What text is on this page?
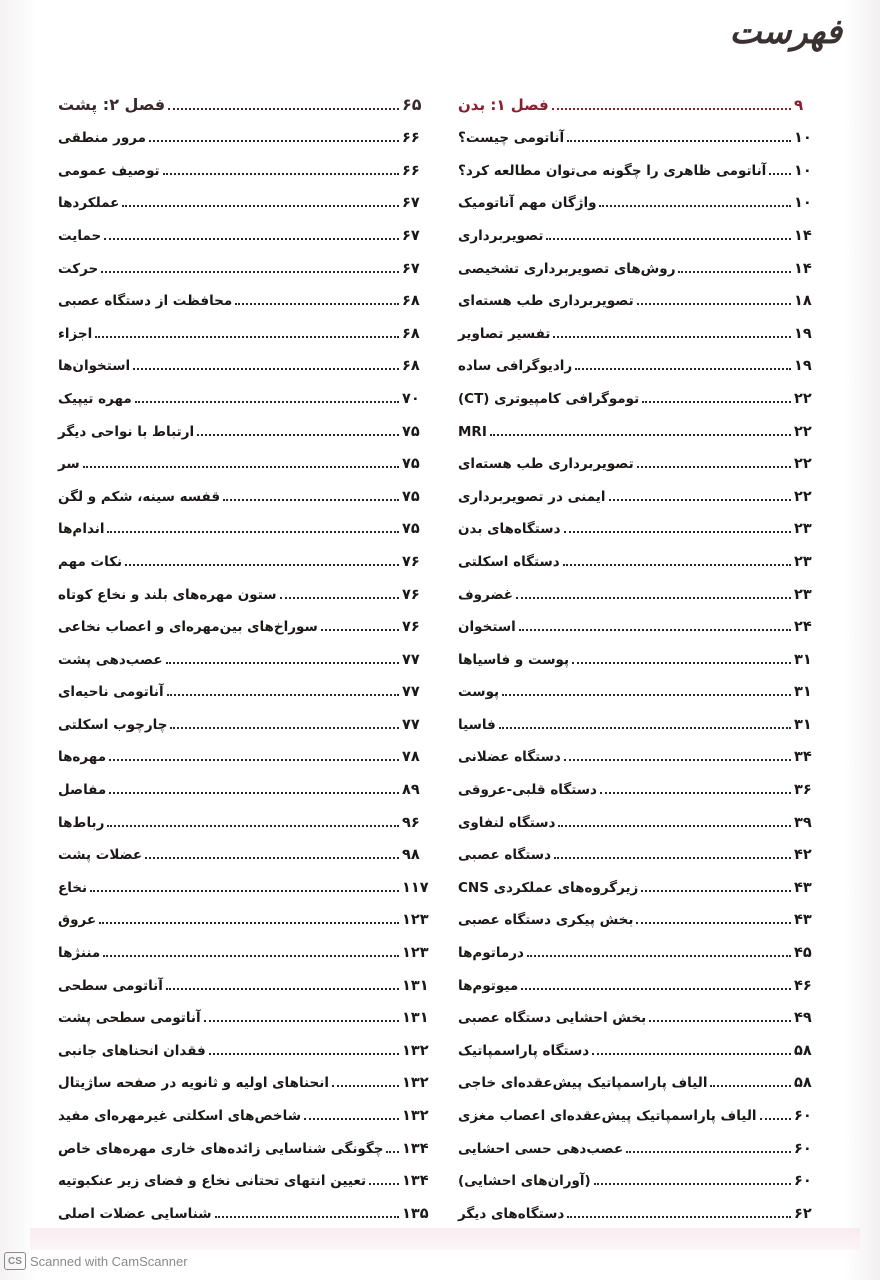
فهرست
فصل ۱: بدن	۹
آناتومی چیست؟	۱۰
آناتومی ظاهری را چگونه می‌توان مطالعه کرد؟ ۱۰
واژگان مهم آناتومیک	۱۰
تصویربرداری	۱۴
روش‌های تصویربرداری تشخیصی	۱۴
تصویربرداری طب هسته‌ای	۱۸
تفسیر تصاویر	۱۹
رادیوگرافی ساده	۱۹
توموگرافی کامپیوتری (CT)	۲۲
MRI	۲۲
تصویربرداری طب هسته‌ای	۲۲
ایمنی در تصویربرداری	۲۲
دستگاه‌های بدن	۲۳
دستگاه اسکلتی	۲۳
غضروف	۲۳
استخوان	۲۴
پوست و فاسیاها	۳۱
پوست	۳۱
فاسیا	۳۱
دستگاه عضلانی	۳۴
دستگاه قلبی-عروقی	۳۶
دستگاه لنفاوی	۳۹
دستگاه عصبی	۴۲
زیرگروه‌های عملکردی CNS	۴۳
بخش پیکری دستگاه عصبی	۴۳
درماتوم‌ها	۴۵
میوتوم‌ها	۴۶
بخش احشایی دستگاه عصبی	۴۹
دستگاه پاراسمپاتیک	۵۸
الیاف پاراسمپاتیک پیش‌عقده‌ای خاجی	۵۸
الیاف پاراسمپاتیک پیش‌عقده‌ای اعصاب مغزی	۶۰
عصب‌دهی حسی احشایی	۶۰
(آوران‌های احشایی)	۶۰
دستگاه‌های دیگر	۶۲
فصل ۲: پشت	۶۵
مرور منطقی	۶۶
توصیف عمومی	۶۶
عملکردها	۶۷
حمایت	۶۷
حرکت	۶۷
محافظت از دستگاه عصبی	۶۸
اجزاء	۶۸
استخوان‌ها	۶۸
مهره تیپیک	۷۰
ارتباط با نواحی دیگر	۷۵
سر	۷۵
قفسه سینه، شکم و لگن	۷۵
اندام‌ها	۷۵
نکات مهم	۷۶
ستون مهره‌های بلند و نخاع کوتاه	۷۶
سوراخ‌های بین‌مهره‌ای و اعصاب نخاعی	۷۶
عصب‌دهی پشت	۷۷
آناتومی ناحیه‌ای	۷۷
چارچوب اسکلتی	۷۷
مهره‌ها	۷۸
مفاصل	۸۹
رباط‌ها	۹۶
عضلات پشت	۹۸
نخاع	۱۱۷
عروق	۱۲۳
مننژها	۱۲۳
آناتومی سطحی	۱۳۱
آناتومی سطحی پشت	۱۳۱
فقدان انحناهای جانبی	۱۳۲
انحناهای اولیه و ثانویه در صفحه ساژیتال	۱۳۲
شاخص‌های اسکلتی غیرمهره‌ای مفید	۱۳۲
چگونگی شناسایی زائده‌های خاری مهره‌های خاص ۱۳۴
تعیین انتهای تحتانی نخاع و فضای زیر عنکبوتیه ۱۳۴
شناسایی عضلات اصلی	۱۳۵
CS Scanned with CamScanner
